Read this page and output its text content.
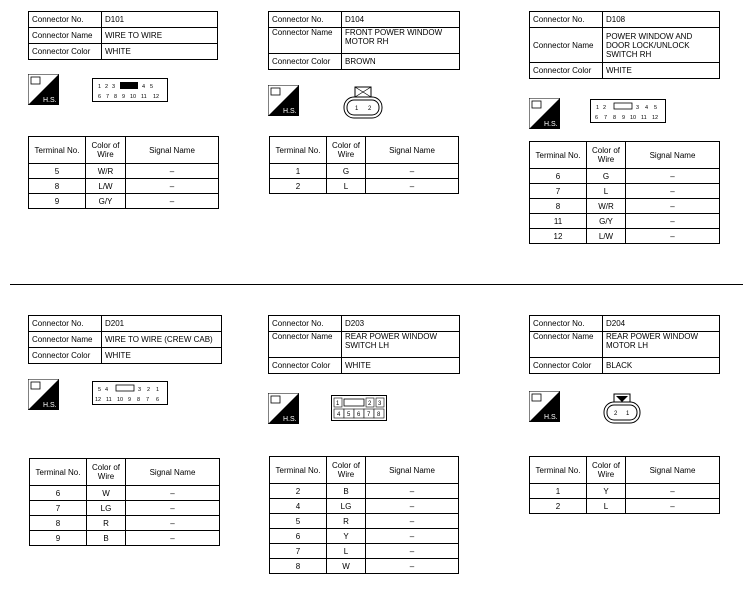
Connector No.	D101
Connector Name	WIRE TO WIRE
Connector Color	WHITE
H.S.
1 2 3	4 5
6 7 8 9 10 11 12
Terminal No.	Color of Wire	Signal Name
5	W/R	–
8	L/W	–
9	G/Y	–
Connector No.	D104
Connector Name	FRONT POWER WINDOW MOTOR RH
Connector Color	BROWN
H.S.	1 2
Terminal No.	Color of Wire	Signal Name
1	G	–
2	L	–
Connector No.	D108
Connector Name	POWER WINDOW AND DOOR LOCK/UNLOCK SWITCH RH
Connector Color	WHITE
H.S.
1 2	3 4 5
6 7 8 9 10 11 12
Terminal No.	Color of Wire	Signal Name
6	G	–
7	L	–
8	W/R	–
11	G/Y	–
12	L/W	–
Connector No.	D201
Connector Name	WIRE TO WIRE (CREW CAB)
Connector Color	WHITE
H.S.
5 4	3 2 1
12 11 10 9 8 7 6
Terminal No.	Color of Wire	Signal Name
6	W	–
7	LG	–
8	R	–
9	B	–
Connector No.	D203
Connector Name	REAR POWER WINDOW SWITCH LH
Connector Color	WHITE
H.S.
1	2 3
4 5 6 7 8
Terminal No.	Color of Wire	Signal Name
2	B	–
4	LG	–
5	R	–
6	Y	–
7	L	–
8	W	–
Connector No.	D204
Connector Name	REAR POWER WINDOW MOTOR LH
Connector Color	BLACK
H.S.	2 1
Terminal No.	Color of Wire	Signal Name
1	Y	–
2	L	–
